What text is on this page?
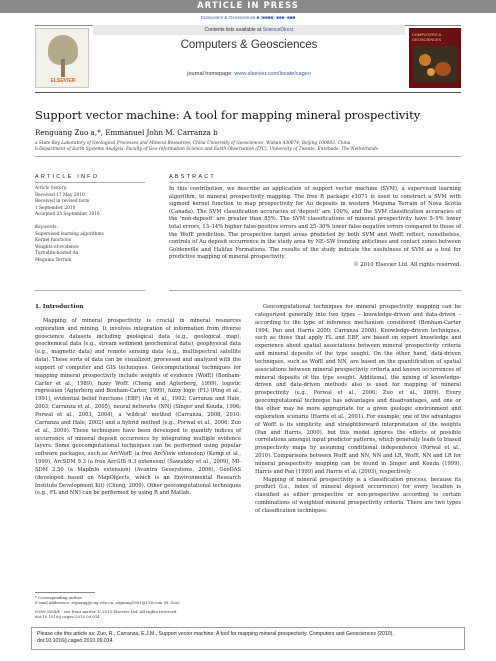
ARTICLE IN PRESS
Computers & Geosciences ■ (■■■■) ■■■–■■■
ELSEVIER
Contents lists available at ScienceDirect
Computers & Geosciences
journal homepage: www.elsevier.com/locate/cageo
COMPUTERS & GEOSCIENCES
Support vector machine: A tool for mapping mineral prospectivity
Renguang Zuo a,*, Emmanuel John M. Carranza b
a State Key Laboratory of Geological Processes and Mineral Resources, China University of Geosciences, Wuhan 430074; Beijing 100083, China
b Department of Earth Systems Analysis, Faculty of Geo-Information Science and Earth Observation (ITC), University of Twente, Enschede, The Netherlands
ARTICLE INFO	ABSTRACT
Article history:
Received 17 May 2010
Received in revised form
1 September 2010
Accepted 25 September 2010
Keywords:
Supervised learning algorithms
Kernel functions
Weights-of-evidence
Turbidite-hosted Au
Meguma Terrain
In this contribution, we describe an application of support vector machine (SVM), a supervised learning algorithm, to mineral prospectivity mapping. The free R package e1071 is used to construct a SVM with sigmoid kernel function to map prospectivity for Au deposits in western Meguma Terrain of Nova Scotia (Canada). The SVM classification accuracies of 'deposit' are 100%, and the SVM classification accuracies of the 'non-deposit' are greater than 85%. The SVM classifications of mineral prospectivity have 5–9% lower total errors, 13–14% higher false-positive errors and 25–30% lower false-negative errors compared to those of the WofE prediction. The prospective target areas predicted by both SVM and WofE reflect, nonetheless, controls of Au deposit occurrence in the study area by NE–SW trending anticlines and contact zones between Goldenville and Halifax Formations. The results of the study indicate the usefulness of SVM as a tool for predictive mapping of mineral prospectivity.
© 2010 Elsevier Ltd. All rights reserved.
1. Introduction

Mapping of mineral prospectivity is crucial in mineral resources exploration and mining. It involves integration of information from diverse geoscience datasets including geological data (e.g., geological map), geochemical data (e.g., stream sediment geochemical data), geophysical data (e.g., magnetic data) and remote sensing data (e.g., multispectral satellite data). These sorts of data can be visualized, processed and analyzed with the support of computer and GIS techniques. Geocomputational techniques for mapping mineral prospectivity include weights of evidence (WofE) (Bonham-Carter et al., 1989), fuzzy WofE (Cheng and Agterberg, 1999), logistic regression (Agterberg and Bonham-Carter, 1999), fuzzy logic (FL) (Ping et al., 1991), evidential belief functions (EBF) (An et al., 1992; Carranza and Hale, 2003; Carranza et al., 2005), neural networks (NN) (Singer and Kouda, 1996; Porwal et al., 2003, 2004), a 'wildcat' method (Carranza, 2008, 2010; Carranza and Hale, 2002) and a hybrid method (e.g., Porwal et al., 2006; Zuo et al., 2009). These techniques have been developed to quantify indices of occurrence of mineral deposit occurrence by integrating multiple evidence layers. Some geocomputational techniques can be performed using popular software packages, such as ArcWofE (a free ArcView extension) (Kemp et al., 1999), ArcSDM 9.3 (a free ArcGIS 9.3 extension) (Sawatzky et al., 2009), MI-SDM 2.50 (a MapInfo extension) (Avantra Geosystems, 2006), GeoDAS (developed based on MapObjects, which is an Environmental Research Institute Development Kit) (Cheng, 2000). Other geocomputational techniques (e.g., FL and NN) can be performed by using R and Matlab.

Geocomputational techniques for mineral prospectivity mapping can be categorized generally into two types – knowledge-driven and data-driven – according to the type of inference mechanism considered (Bonham-Carter 1994; Pan and Harris 2000; Carranza 2008). Knowledge-driven techniques, such as those that apply FL and EBF, are based on expert knowledge and experience about spatial associations between mineral prospectivity criteria and mineral deposits of the type sought. On the other hand, data-driven techniques, such as WofE and NN, are based on the quantification of spatial associations between mineral prospectivity criteria and known occurrences of mineral deposits of the type sought. Additional, the mixing of knowledge-driven and data-driven methods also is used for mapping of mineral prospectivity (e.g., Porwal et al., 2006; Zuo et al., 2009). Every geocomputational technique has advantages and disadvantages, and one or the other may be more appropriate for a given geologic environment and exploration scenario (Harris et al., 2001). For example, one of the advantages of WofE is its simplicity, and straightforward interpretation of the weights (Pan and Harris, 2000), but this model ignores the effects of possible correlations amongst input predictor patterns, which generally leads to biased prospectivity maps by assuming conditional independence (Porwal et al., 2010). Comparisons between WofE and NN, NN and LR, WofE, NN and LR for mineral prospectivity mapping can be found in Singer and Kouda (1999), Harris and Pan (1999) and Harris et al. (2003), respectively.

Mapping of mineral prospectivity is a classification process, because its product (i.e., index of mineral deposit occurrence) for every location is classified as either prospective or non-prospective according to certain combinations of weighted mineral prospectivity criteria. There are two types of classification techniques.

* Corresponding author.
E-mail addresses: zrguang@cug.edu.cn, zrguang1981@126.com (R. Zuo).
0098-3004/$ - see front matter © 2010 Elsevier Ltd. All rights reserved.
doi:10.1016/j.cageo.2010.09.014
Please cite this article as: Zuo, R., Carranza, E.J.M., Support vector machine: A tool for mapping mineral prospectivity. Computers and Geosciences (2010), doi:10.1016/j.cageo.2010.09.014
